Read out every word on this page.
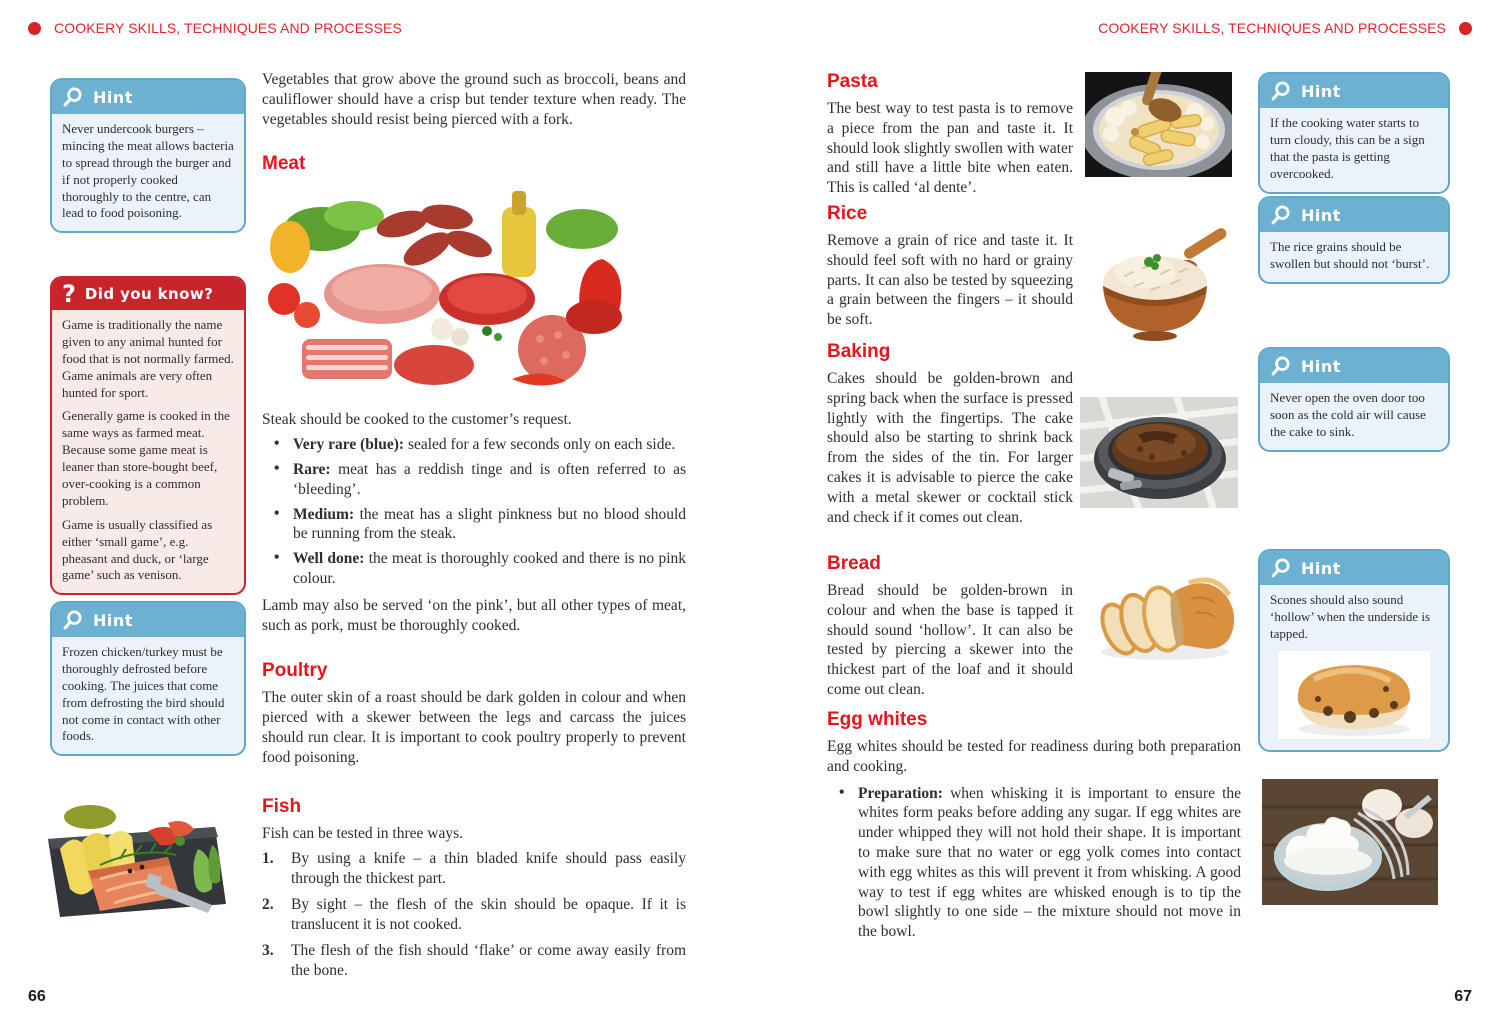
COOKERY SKILLS, TECHNIQUES AND PROCESSES	COOKERY SKILLS, TECHNIQUES AND PROCESSES
Hint

Never undercook burgers – mincing the meat allows bacteria to spread through the burger and if not properly cooked thoroughly to the centre, can lead to food poisoning.

? Did you know?

Game is traditionally the name given to any animal hunted for food that is not normally farmed. Game animals are very often hunted for sport.

Generally game is cooked in the same ways as farmed meat. Because some game meat is leaner than store-bought beef, over-cooking is a common problem.

Game is usually classified as either ‘small game’, e.g. pheasant and duck, or ‘large game’ such as venison.

Hint

Frozen chicken/turkey must be thoroughly defrosted before cooking. The juices that come from defrosting the bird should not come in contact with other foods.

Vegetables that grow above the ground such as broccoli, beans and cauliflower should have a crisp but tender texture when ready. The vegetables should resist being pierced with a fork.

Meat

Steak should be cooked to the customer’s request.

• Very rare (blue): sealed for a few seconds only on each side.
• Rare: meat has a reddish tinge and is often referred to as ‘bleeding’.
• Medium: the meat has a slight pinkness but no blood should be running from the steak.
• Well done: the meat is thoroughly cooked and there is no pink colour.

Lamb may also be served ‘on the pink’, but all other types of meat, such as pork, must be thoroughly cooked.

Poultry

The outer skin of a roast should be dark golden in colour and when pierced with a skewer between the legs and carcass the juices should run clear. It is important to cook poultry properly to prevent food poisoning.

Fish

Fish can be tested in three ways.

1. By using a knife – a thin bladed knife should pass easily through the thickest part.
2. By sight – the flesh of the skin should be opaque. If it is translucent it is not cooked.
3. The flesh of the fish should ‘flake’ or come away easily from the bone.
Pasta

The best way to test pasta is to remove a piece from the pan and taste it. It should look slightly swollen with water and still have a little bite when eaten. This is called ‘al dente’.

Rice

Remove a grain of rice and taste it. It should feel soft with no hard or grainy parts. It can also be tested by squeezing a grain between the fingers – it should be soft.

Baking

Cakes should be golden-brown and spring back when the surface is pressed lightly with the fingertips. The cake should also be starting to shrink back from the sides of the tin. For larger cakes it is advisable to pierce the cake with a metal skewer or cocktail stick and check if it comes out clean.

Bread

Bread should be golden-brown in colour and when the base is tapped it should sound ‘hollow’. It can also be tested by piercing a skewer into the thickest part of the loaf and it should come out clean.

Egg whites

Egg whites should be tested for readiness during both preparation and cooking.

• Preparation: when whisking it is important to ensure the whites form peaks before adding any sugar. If egg whites are under whipped they will not hold their shape. It is important to make sure that no water or egg yolk comes into contact with egg whites as this will prevent it from whisking. A good way to test if egg whites are whisked enough is to tip the bowl slightly to one side – the mixture should not move in the bowl.
Hint

If the cooking water starts to turn cloudy, this can be a sign that the pasta is getting overcooked.

Hint

The rice grains should be swollen but should not ‘burst’.

Hint

Never open the oven door too soon as the cold air will cause the cake to sink.

Hint

Scones should also sound ‘hollow’ when the underside is tapped.

66	67
